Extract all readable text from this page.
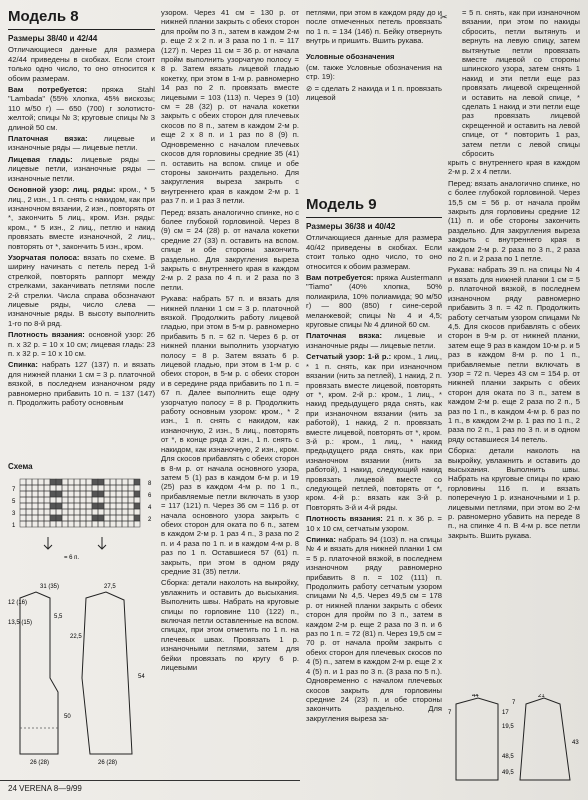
Модель 8

Размеры 38/40 и 42/44

Отличающиеся данные для размера 42/44 приведены в скобках. Если стоит только одно число, то оно относится к обоим размерам.

Вам потребуется: пряжа Stahl "Lambada" (55% хлопка, 45% вискозы; 110 м/50 г) — 650 (700) г золотисто-желтой; спицы № 3; круговые спицы № 3 длиной 50 см.

Платочная вязка: лицевые и изнаночные ряды — лицевые петли.

Лицевая гладь: лицевые ряды — лицевые петли, изнаночные ряды — изнаночные петли.

Основной узор: лиц. ряды: кром., * 5 лиц., 2 изн., 1 п. снять с накидом, как при изнаночном вязании, 2 изн., повторять от *, закончить 5 лиц., кром. Изн. ряды: кром., * 5 изн., 2 лиц., петлю и накид провязать вместе изнаночной, 2 лиц., повторять от *, закончить 5 изн., кром.

Узорчатая полоса: вязать по схеме. В ширину начинать с петель перед 1-й стрелкой, повторять раппорт между стрелками, заканчивать петлями после 2-й стрелки. Числа справа обозначают лицевые ряды, число слева — изнаночные ряды. В высоту выполнить 1-го по 8-й ряд.

Плотность вязания: основной узор: 26 п. x 32 р. = 10 x 10 см; лицевая гладь: 23 п. x 32 р. = 10 x 10 см.

Спинка: набрать 127 (137) п. и вязать для нижней планки 1 см = 3 р. платочной вязкой, в последнем изнаночном ряду равномерно прибавить 10 п. = 137 (147) п. Продолжить работу основным

Схема
7
5
3
1
8
6
4
2
= 6 п.
31 (35)
12 (16)
13,5 (15)
5,5
26 (28)
22,5
50
54
26 (28)
27,5

узором. Через 41 см = 130 р. от нижней планки закрыть с обеих сторон для пройм по 3 п., затем в каждом 2-м р. еще 2 x 2 п. и 3 раза по 1 п. = 117 (127) п. Через 11 см = 36 р. от начала пройм выполнить узорчатую полосу = 8 р. Затем вязать лицевой гладью кокетку, при этом в 1-м р. равномерно 14 раз по 2 п. провязать вместе лицевыми = 103 (113) п. Через 9 (10) см = 28 (32) р. от начала кокетки закрыть с обеих сторон для плечевых скосов по 8 п., затем в каждом 2-м р. еще 2 x 8 п. и 1 раз по 8 (9) п. Одновременно с началом плечевых скосов для горловины средние 35 (41) п. оставить на вспом. спице и обе стороны закончить раздельно. Для закругления выреза закрыть с внутреннего края в каждом 2-м р. 1 раз 7 п. и 1 раз 3 петли.

Перед: вязать аналогично спинке, но с более глубокой горловиной. Через 8 (9) см = 24 (28) р. от начала кокетки средние 27 (33) п. оставить на вспом. спице и обе стороны закончить раздельно. Для закругления выреза закрыть с внутреннего края в каждом 2-м р. 2 раза по 4 п. и 2 раза по 3 петли.

Рукава: набрать 57 п. и вязать для нижней планки 1 см = 3 р. платочной вязкой. Продолжить работу лицевой гладью, при этом в 5-м р. равномерно прибавить 5 п. = 62 п. Через 6 р. от нижней планки выполнить узорчатую полосу = 8 р. Затем вязать 6 р. лицевой гладью, при этом в 1-м р. с обеих сторон, в 5-м р. с обеих сторон и в середине ряда прибавить по 1 п. = 67 п. Далее выполнить еще одну узорчатую полосу = 8 р. Продолжить работу основным узором: кром., * 2 изн., 1 п. снять с накидом, как изнаночную, 2 изн., 5 лиц., повторять от *, в конце ряда 2 изн., 1 п. снять с накидом, как изнаночную, 2 изн., кром. Для скосов прибавлять с обеих сторон в 8-м р. от начала основного узора, затем 5 (1) раз в каждом 6-м р. и 19 (25) раз в каждом 4-м р. по 1 п., прибавляемые петли включать в узор = 117 (121) п. Через 36 см = 116 р. от начала основного узора закрыть с обеих сторон для оката по 6 п., затем в каждом 2-м р. 1 раз 4 п., 3 раза по 2 п. и 4 раза по 1 п. и в каждом 4-м р. 8 раз по 1 п. Оставшиеся 57 (61) п. закрыть, при этом в одном ряду средние 31 (35) петли.

Сборка: детали наколоть на выкройку, увлажнить и оставить до высыхания. Выполнить швы. Набрать на круговые спицы по горловине 110 (122) п., включая петли оставленные на вспом. спицах, при этом отметить по 1 п. на плечевых швах. Провязать 1 р. изнаночными петлями, затем для бейки провязать по кругу 6 р. лицевыми

петлями, при этом в каждом ряду до и после отмеченных петель провязать по 1 п. = 134 (146) п. Бейку отвернуть внутрь и пришить. Вшить рукава.

Условные обозначения

(см. также Условные обозначения на стр. 19):

⊘ = сделать 2 накида и 1 п. провязать лицевой

Модель 9

Размеры 36/38 и 40/42

Отличающиеся данные для размера 40/42 приведены в скобках. Если стоит только одно число, то оно относится к обоим размерам.

Вам потребуется: пряжа Austermann "Tiamo" (40% хлопка, 50% полиакрила, 10% полиамида; 90 м/50 г) — 800 (850) г сине-серой меланжевой; спицы № 4 и 4,5; круговые спицы № 4 длиной 60 см.

Платочная вязка: лицевые и изнаночные ряды — лицевые петли.

Сетчатый узор: 1-й р.: кром., 1 лиц., * 1 п. снять, как при изнаночном вязании (нить за петлей), 1 накид, 2 п. провязать вместе лицевой, повторять от *, кром. 2-й р.: кром., 1 лиц., * накид предыдущего ряда снять, как при изнаночном вязании (нить за работой), 1 накид, 2 п. провязать вместе лицевой, повторять от *, кром. 3-й р.: кром., 1 лиц., * накид предыдущего ряда снять, как при изнаночном вязании (нить за работой), 1 накид, следующий накид провязать лицевой вместе со следующей петлей, повторять от *, кром. 4-й р.: вязать как 3-й р. Повторять 3-й и 4-й ряды.

Плотность вязания: 21 п. x 36 р. = 10 x 10 см, сетчатым узором.

Спинка: набрать 94 (103) п. на спицы № 4 и вязать для нижней планки 1 см = 5 р. платочной вязкой, в последнем изнаночном ряду равномерно прибавить 8 п. = 102 (111) п. Продолжить работу сетчатым узором спицами № 4,5. Через 49,5 см = 178 р. от нижней планки закрыть с обеих сторон для пройм по 3 п., затем в каждом 2-м р. еще 2 раза по 3 п. и 6 раз по 1 п. = 72 (81) п. Через 19,5 см = 70 р. от начала пройм закрыть с обеих сторон для плечевых скосов по 4 (5) п., затем в каждом 2-м р. еще 2 x 4 (5) п. и 1 раз по 3 п. (3 раза по 5 п.). Одновременно с началом плечевых скосов закрыть для горловины средние 24 (23) п. и обе стороны закончить раздельно. Для закругления выреза за-

✂	= 5 п. снять, как при изнаночном вязании, при этом по накиды сбросить, петли вытянуть и вернуть на левую спицу, затем вытянутые петли провязать вместе лицевой со стороны шпинского узора, затем снять 1 накид и эти петли еще раз провязать лицевой скрещенной и оставить на левой спице, * сделать 1 накид и эти петли еще раз провязать лицевой скрещенной и оставить на левой спице, от * повторить 1 раз, затем петли с левой спицы сбросить

крыть с внутреннего края в каждом 2-м р. 2 x 4 петли.

Перед: вязать аналогично спинке, но с более глубокой горловиной. Через 15,5 см = 56 р. от начала пройм закрыть для горловины средние 12 (11) п. и обе стороны закончить раздельно. Для закругления выреза закрыть с внутреннего края в каждом 2-м р. 2 раза по 3 п., 2 раза по 2 п. и 2 раза по 1 петле.

Рукава: набрать 39 п. на спицы № 4 и вязать для нижней планки 1 см = 5 р. платочной вязкой, в последнем изнаночном ряду равномерно прибавить 3 п. = 42 п. Продолжить работу сетчатым узором спицами № 4,5. Для скосов прибавлять с обеих сторон в 9-м р. от нижней планки, затем еще 9 раз в каждом 10-м р. и 5 раз в каждом 8-м р. по 1 п., прибавляемые петли включать в узор = 72 п. Через 43 см = 154 р. от нижней планки закрыть с обеих сторон для оката по 3 п., затем в каждом 2-м р. еще 2 раза по 2 п., 5 раз по 1 п., в каждом 4-м р. 6 раз по 1 п., в каждом 2-м р. 1 раз по 1 п., 2 раза по 2 п., 1 раз по 3 п. и в одном ряду оставшиеся 14 петель.

Сборка: детали наколоть на выкройку, увлажнить и оставить до высыхания. Выполнить швы. Набрать на круговые спицы по краю горловины 116 п. и вязать поперечную 1 р. изнаночными и 1 р. лицевыми петлями, при этом во 2-м р. равномерно убавить на переде 8 п., на спинке 4 п. В 4-м р. все петли закрыть. Вшить рукава.

44
17
19,5
7
7
43
48,5
21
49,5
24 VERENA 8—9/99
